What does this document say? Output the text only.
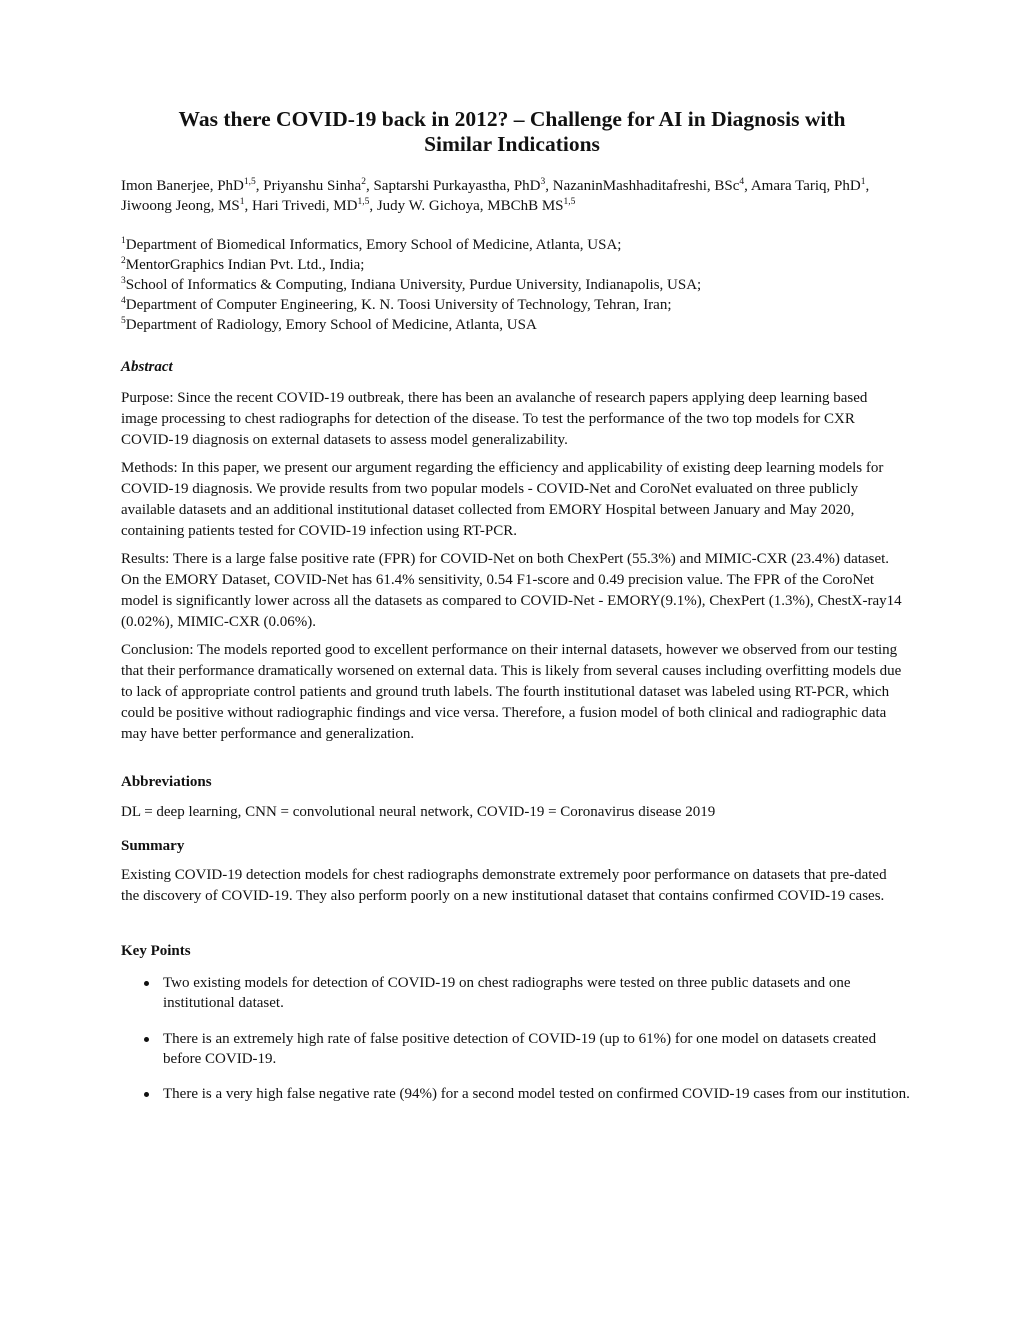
Was there COVID-19 back in 2012? – Challenge for AI in Diagnosis with
Similar Indications
Imon Banerjee, PhD$^{1,5}$, Priyanshu Sinha$^2$, Saptarshi Purkayastha, PhD$^3$, NazaninMashhaditafreshi, BSc$^4$, Amara Tariq, PhD$^1$, Jiwoong Jeong, $MS^1$, Hari Trivedi, MD$^{1,5}$, Judy W. Gichoya, MBChB MS$^{1,5}$
$^1$Department of Biomedical Informatics, Emory School of Medicine, Atlanta, USA;
$^2$MentorGraphics Indian Pvt. Ltd., India;
$^3$School of Informatics & Computing, Indiana University, Purdue University, Indianapolis, USA;
$^4$Department of Computer Engineering, K. N. Toosi University of Technology, Tehran, Iran;
$^5$Department of Radiology, Emory School of Medicine, Atlanta, USA
Abstract

Purpose: Since the recent COVID-19 outbreak, there has been an avalanche of research papers applying deep learning based image processing to chest radiographs for detection of the disease. To test the performance of the two top models for CXR COVID-19 diagnosis on external datasets to assess model generalizability.

Methods: In this paper, we present our argument regarding the efficiency and applicability of existing deep learning models for COVID-19 diagnosis. We provide results from two popular models - COVID-Net and CoroNet evaluated on three publicly available datasets and an additional institutional dataset collected from EMORY Hospital between January and May 2020, containing patients tested for COVID-19 infection using RT-PCR.

Results: There is a large false positive rate (FPR) for COVID-Net on both ChexPert (55.3%) and MIMIC-CXR (23.4%) dataset. On the EMORY Dataset, COVID-Net has 61.4% sensitivity, 0.54 F1-score and 0.49 precision value. The FPR of the CoroNet model is significantly lower across all the datasets as compared to COVID-Net - EMORY(9.1%), ChexPert (1.3%), ChestX-ray14 (0.02%), MIMIC-CXR (0.06%).

Conclusion: The models reported good to excellent performance on their internal datasets, however we observed from our testing that their performance dramatically worsened on external data. This is likely from several causes including overfitting models due to lack of appropriate control patients and ground truth labels. The fourth institutional dataset was labeled using RT-PCR, which could be positive without radiographic findings and vice versa. Therefore, a fusion model of both clinical and radiographic data may have better performance and generalization.

Abbreviations

DL = deep learning, CNN = convolutional neural network, COVID-19 = Coronavirus disease 2019

Summary

Existing COVID-19 detection models for chest radiographs demonstrate extremely poor performance on datasets that pre-dated the discovery of COVID-19. They also perform poorly on a new institutional dataset that contains confirmed COVID-19 cases.

Key Points
Two existing models for detection of COVID-19 on chest radiographs were tested on three public datasets and one institutional dataset.
There is an extremely high rate of false positive detection of COVID-19 (up to 61%) for one model on datasets created before COVID-19.
There is a very high false negative rate (94%) for a second model tested on confirmed COVID-19 cases from our institution.
